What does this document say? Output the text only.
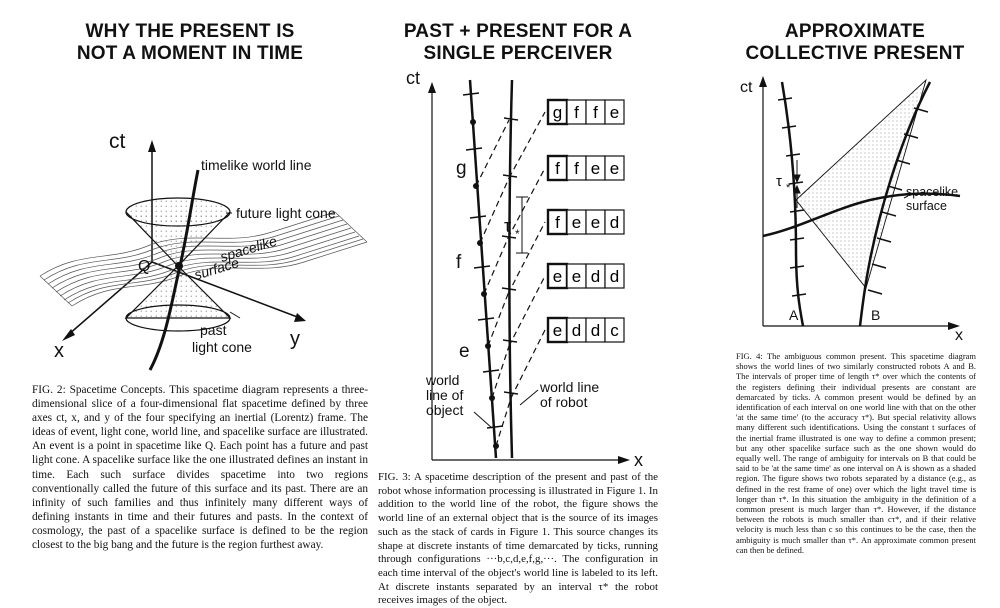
WHY THE PRESENT IS
NOT A MOMENT IN TIME
PAST + PRESENT FOR A
SINGLE PERCEIVER
APPROXIMATE
COLLECTIVE PRESENT
ct
x
y
Q
timelike world line
future light cone
spacelike
surface
past
light cone
g f f e
f f e e
f e e d
e e d d
e d d c
ct
x
g
f
e
τ *
world
line of
object
world line
of robot
ct
x
A	B
τ *	spacelike
surface
FIG. 2: Spacetime Concepts. This spacetime diagram represents a three-dimensional slice of a four-dimensional flat spacetime defined by three axes ct, x, and y of the four specifying an inertial (Lorentz) frame. The ideas of event, light cone, world line, and spacelike surface are illustrated. An event is a point in spacetime like Q. Each point has a future and past light cone. A spacelike surface like the one illustrated defines an instant in time. Each such surface divides spacetime into two regions conventionally called the future of this surface and its past. There are an infinity of such families and thus infinitely many different ways of defining instants in time and their futures and pasts. In the context of cosmology, the past of a spacelike surface is defined to be the region closest to the big bang and the future is the region furthest away.
FIG. 3: A spacetime description of the present and past of the robot whose information processing is illustrated in Figure 1. In addition to the world line of the robot, the figure shows the world line of an external object that is the source of its images such as the stack of cards in Figure 1. This source changes its shape at discrete instants of time demarcated by ticks, running through configurations ···b,c,d,e,f,g,···. The configuration in each time interval of the object's world line is labeled to its left. At discrete instants separated by an interval τ* the robot receives images of the object.
FIG. 4: The ambiguous common present. This spacetime diagram shows the world lines of two similarly constructed robots A and B. The intervals of proper time of length τ* over which the contents of the registers defining their individual presents are constant are demarcated by ticks. A common present would be defined by an identification of each interval on one world line with that on the other 'at the same time' (to the accuracy τ*). But special relativity allows many different such identifications. Using the constant t surfaces of the inertial frame illustrated is one way to define a common present; but any other spacelike surface such as the one shown would do equally well. The range of ambiguity for intervals on B that could be said to be 'at the same time' as one interval on A is shown as a shaded region. The figure shows two robots separated by a distance (e.g., as defined in the rest frame of one) over which the light travel time is longer than τ*. In this situation the ambiguity in the definition of a common present is much larger than τ*. However, if the distance between the robots is much smaller than cτ*, and if their relative velocity is much less than c so this continues to be the case, then the ambiguity is much smaller than τ*. An approximate common present can then be defined.
